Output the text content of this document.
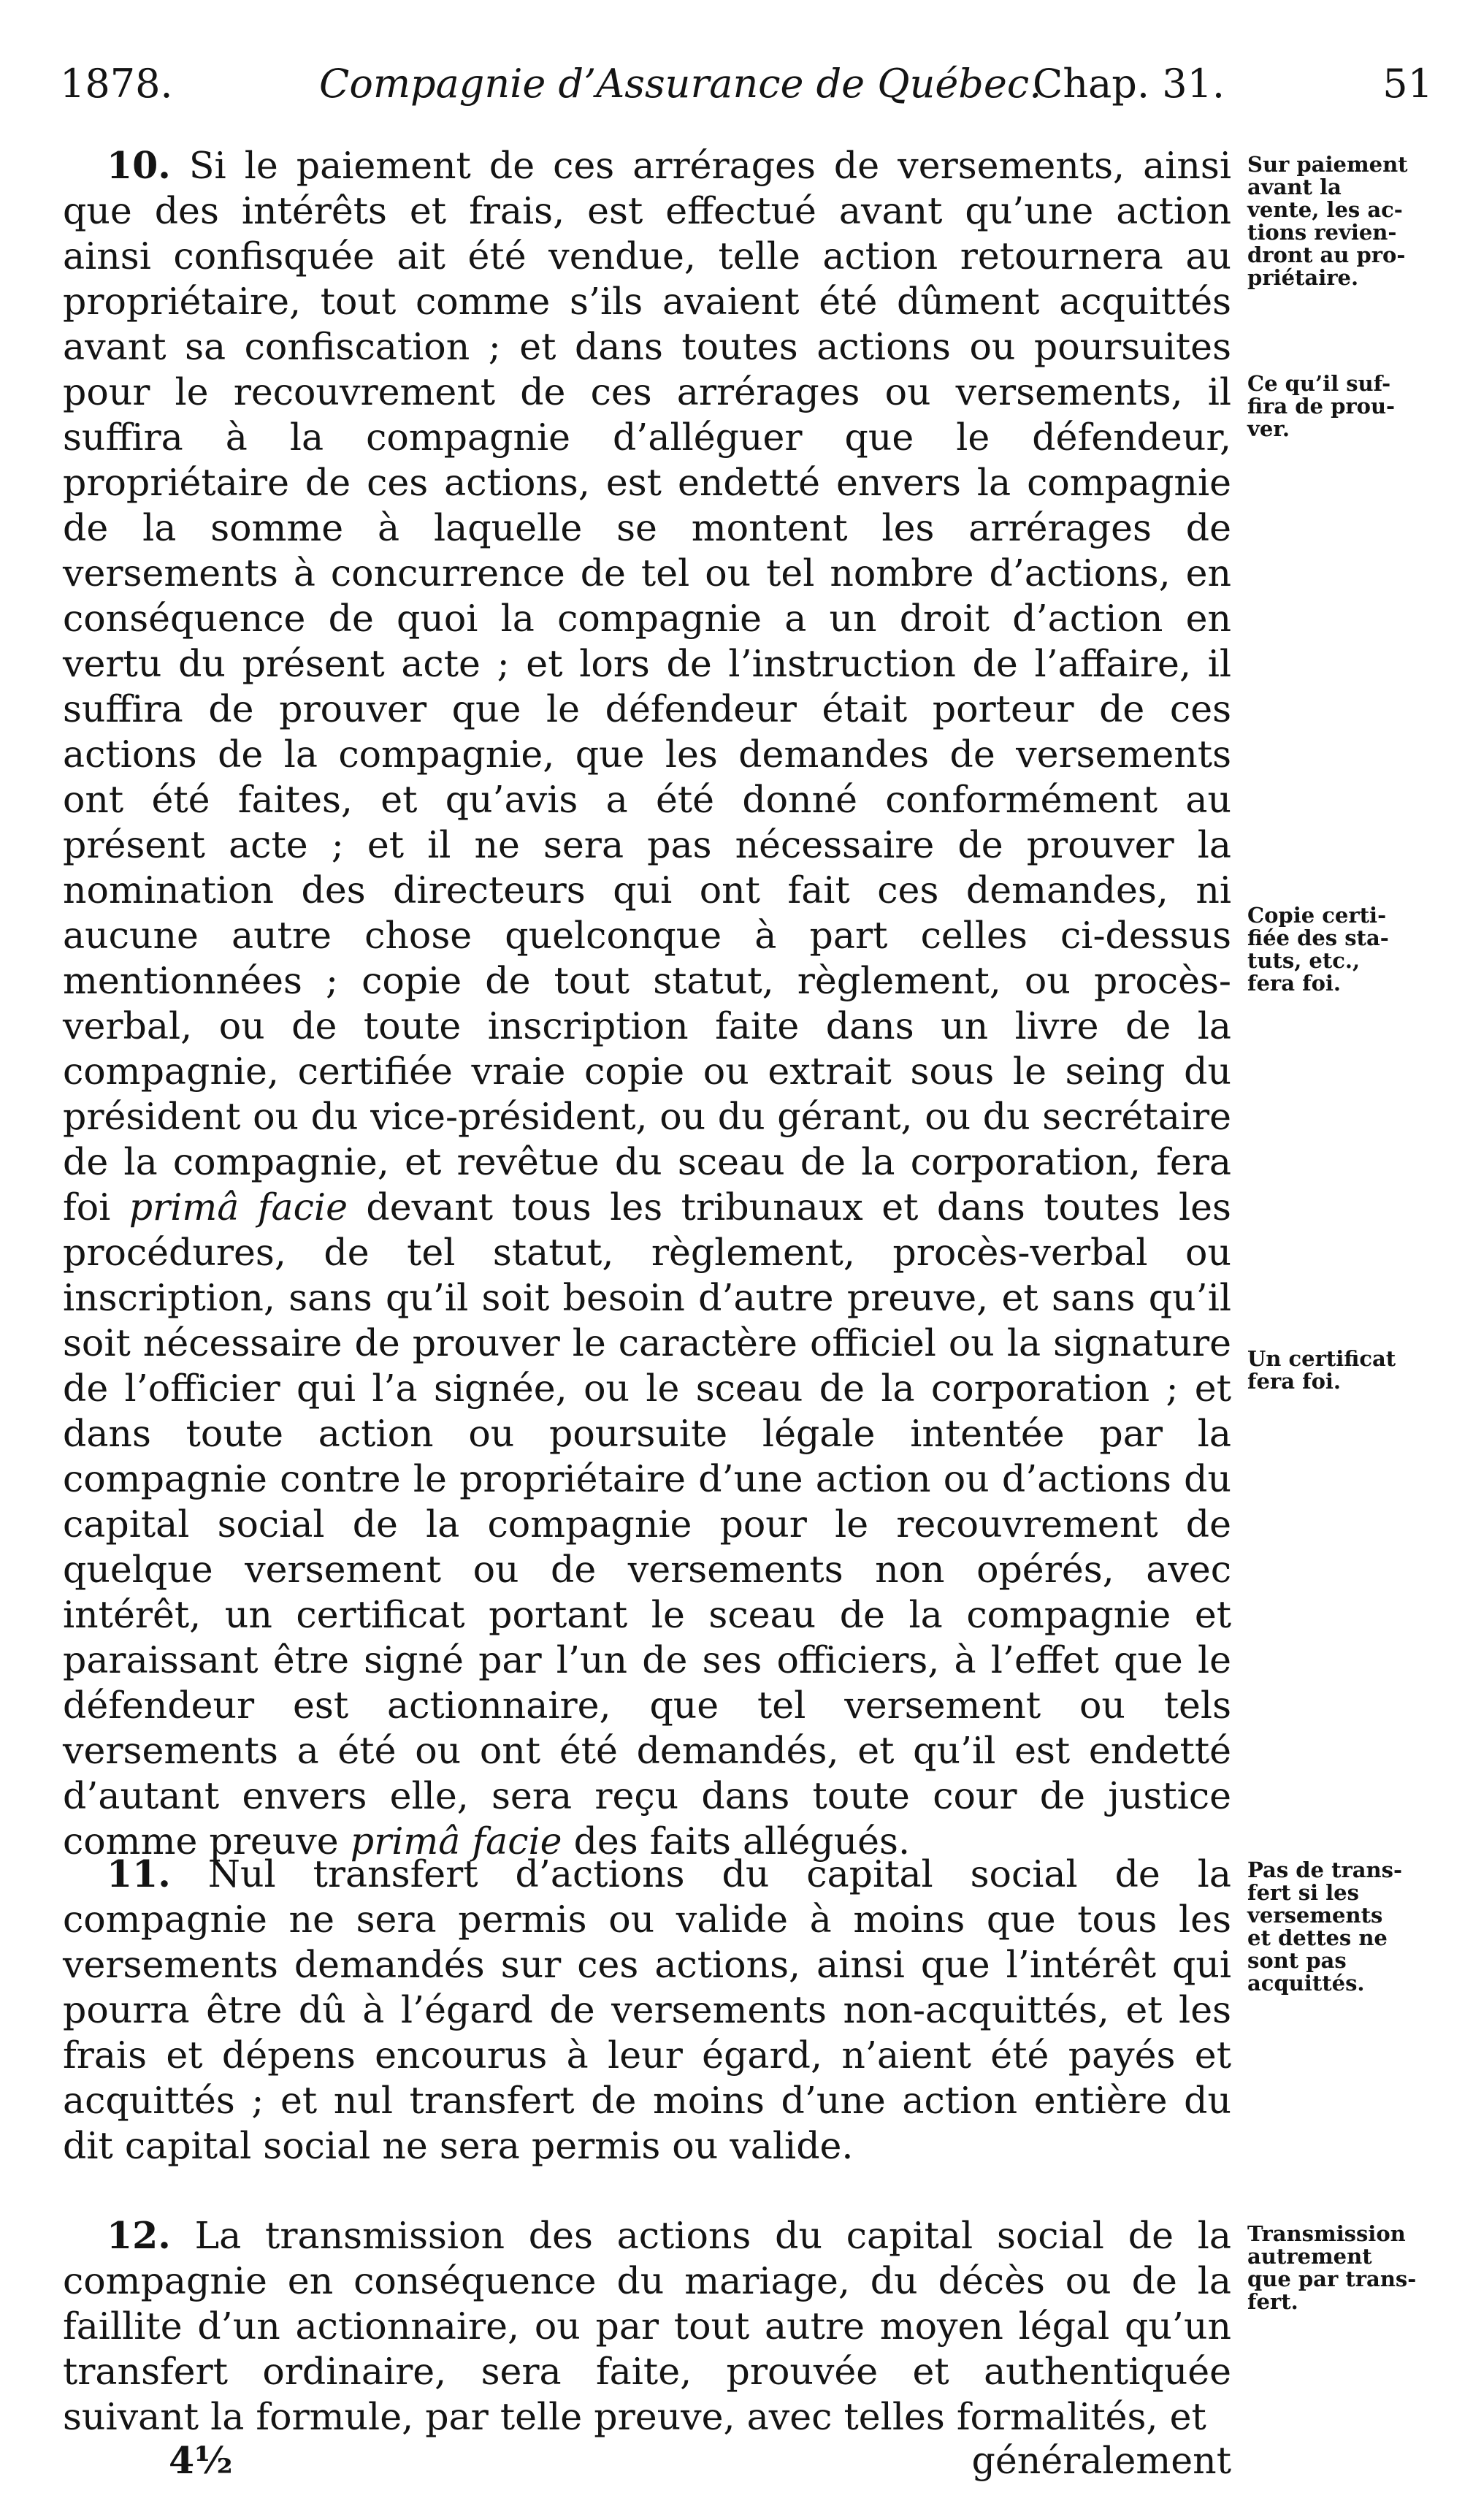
1878.	Compagnie d’Assurance de Québec.
Chap. 31.	51

10. Si le paiement de ces arrérages de versements, ainsi que des intérêts et frais, est effectué avant qu’une action ainsi confisquée ait été vendue, telle action retournera au propriétaire, tout comme s’ils avaient été dûment acquittés avant sa confiscation ; et dans toutes actions ou poursuites pour le recouvrement de ces arrérages ou versements, il suffira à la compagnie d’alléguer que le défendeur, propriétaire de ces actions, est endetté envers la compagnie de la somme à laquelle se montent les arrérages de versements à concurrence de tel ou tel nombre d’actions, en conséquence de quoi la compagnie a un droit d’action en vertu du présent acte ; et lors de l’instruction de l’affaire, il suffira de prouver que le défendeur était porteur de ces actions de la compagnie, que les demandes de versements ont été faites, et qu’avis a été donné conformément au présent acte ; et il ne sera pas nécessaire de prouver la nomination des directeurs qui ont fait ces demandes, ni aucune autre chose quelconque à part celles ci-dessus mentionnées ; copie de tout statut, règlement, ou procès-verbal, ou de toute inscription faite dans un livre de la compagnie, certifiée vraie copie ou extrait sous le seing du président ou du vice-président, ou du gérant, ou du secrétaire de la compagnie, et revêtue du sceau de la corporation, fera foi primâ facie devant tous les tribunaux et dans toutes les procédures, de tel statut, règlement, procès-verbal ou inscription, sans qu’il soit besoin d’autre preuve, et sans qu’il soit nécessaire de prouver le caractère officiel ou la signature de l’officier qui l’a signée, ou le sceau de la corporation ; et dans toute action ou poursuite légale intentée par la compagnie contre le propriétaire d’une action ou d’actions du capital social de la compagnie pour le recouvrement de quelque versement ou de versements non opérés, avec intérêt, un certificat portant le sceau de la compagnie et paraissant être signé par l’un de ses officiers, à l’effet que le défendeur est actionnaire, que tel versement ou tels versements a été ou ont été demandés, et qu’il est endetté d’autant envers elle, sera reçu dans toute cour de justice comme preuve primâ facie des faits allégués.

11. Nul transfert d’actions du capital social de la compagnie ne sera permis ou valide à moins que tous les versements demandés sur ces actions, ainsi que l’intérêt qui pourra être dû à l’égard de versements non-acquittés, et les frais et dépens encourus à leur égard, n’aient été payés et acquittés ; et nul transfert de moins d’une action entière du dit capital social ne sera permis ou valide.

12. La transmission des actions du capital social de la compagnie en conséquence du mariage, du décès ou de la faillite d’un actionnaire, ou par tout autre moyen légal qu’un transfert ordinaire, sera faite, prouvée et authentiquée suivant la formule, par telle preuve, avec telles formalités, et

Sur paiement
avant la
vente, les ac-
tions revien-
dront au pro-
priétaire.
Ce qu’il suf-
fira de prou-
ver.
Copie certi-
fiée des sta-
tuts, etc.,
fera foi.
Un certificat
fera foi.
Pas de trans-
fert si les
versements
et dettes ne
sont pas
acquittés.
Transmission
autrement
que par trans-
fert.
4½	généralement
